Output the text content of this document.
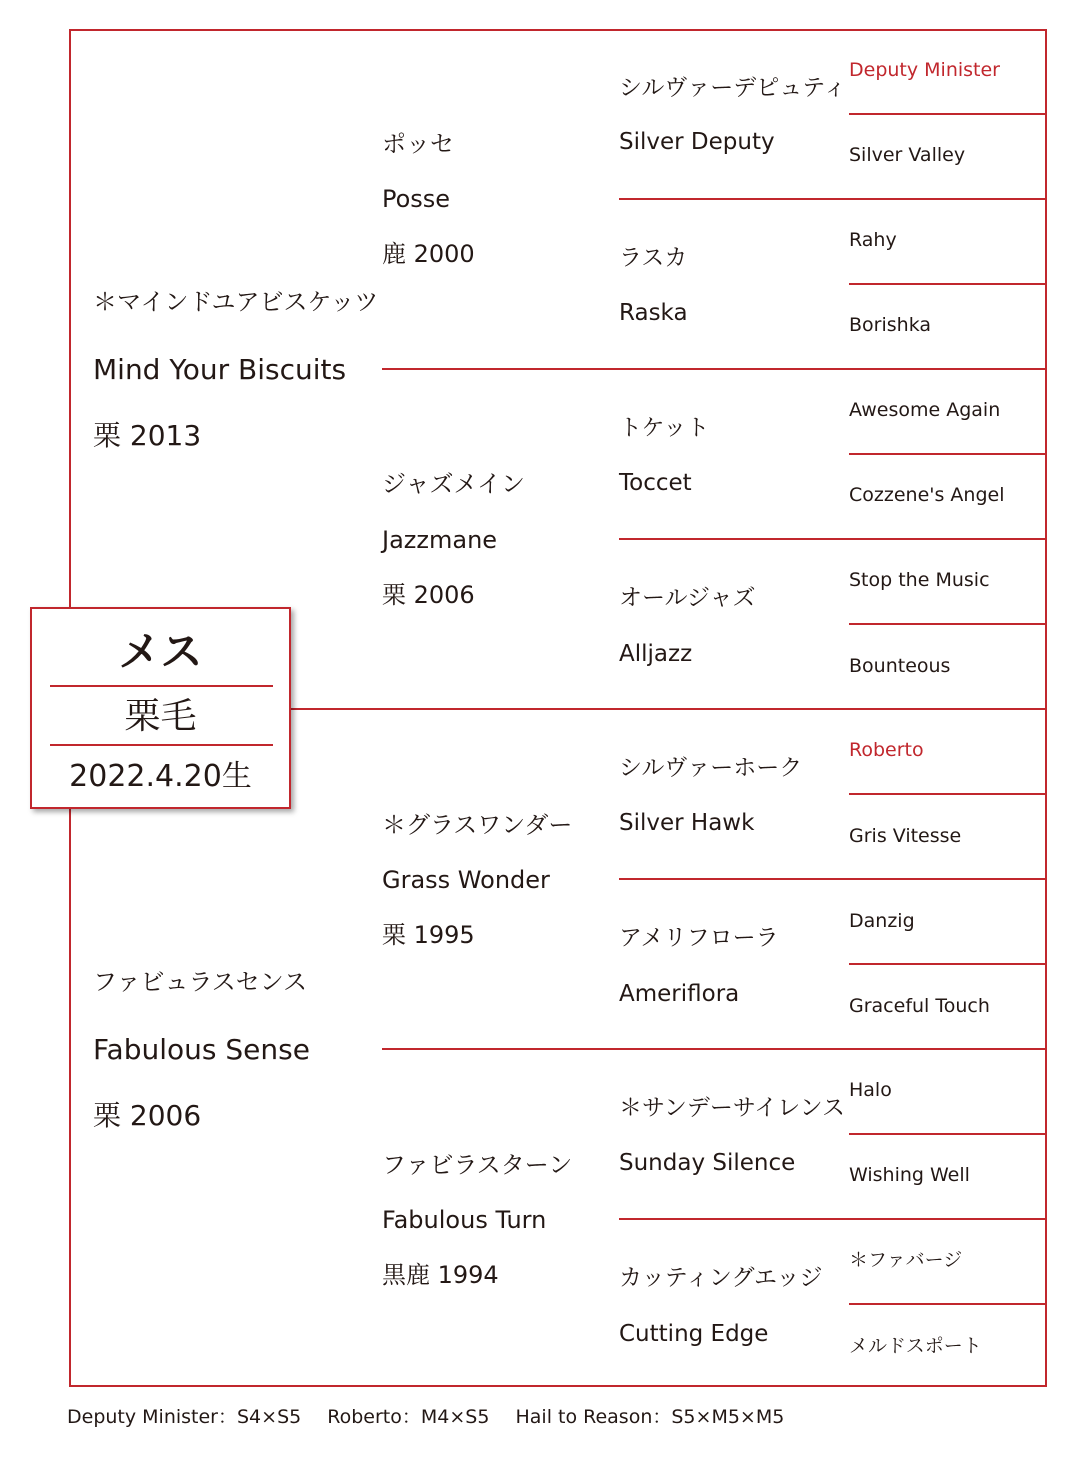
＊マインドユアビスケッツ
Mind Your Biscuits
栗 2013
ファビュラスセンス
Fabulous Sense
栗 2006
ポッセ
Posse
鹿 2000
ジャズメイン
Jazzmane
栗 2006
＊グラスワンダー
Grass Wonder
栗 1995
ファビラスターン
Fabulous Turn
黒鹿 1994
シルヴァーデピュティ
Silver Deputy
ラスカ
Raska
トケット
Toccet
オールジャズ
Alljazz
シルヴァーホーク
Silver Hawk
アメリフローラ
Ameriflora
＊サンデーサイレンス
Sunday Silence
カッティングエッジ
Cutting Edge
Deputy Minister
Silver Valley
Rahy
Borishka
Awesome Again
Cozzene's Angel
Stop the Music
Bounteous
Roberto
Gris Vitesse
Danzig
Graceful Touch
Halo
Wishing Well
＊ファバージ
メルドスポート
メス
栗毛
2022.4.20生
Deputy Minister：S4×S5 Roberto：M4×S5 Hail to Reason：S5×M5×M5
